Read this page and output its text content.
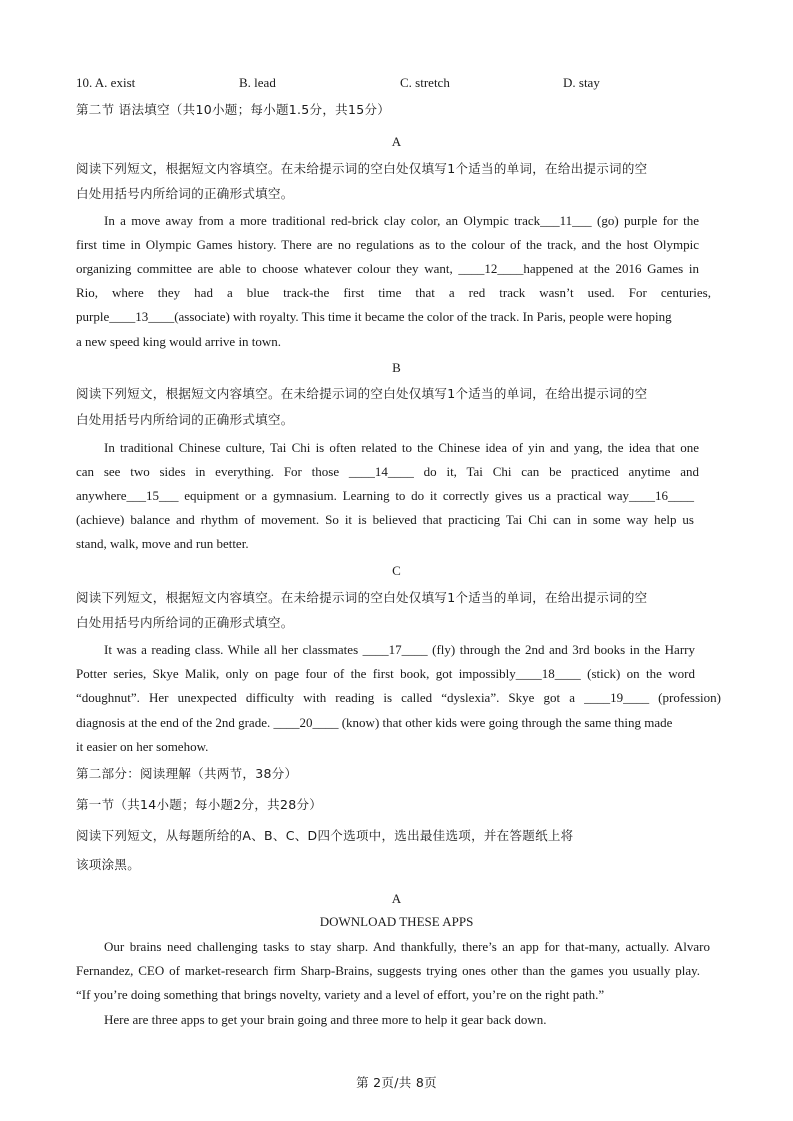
10. A. exist	B. lead	C. stretch	D. stay
第二节 语法填空（共10小题；每小题1.5分，共15分）
A
阅读下列短文，根据短文内容填空。在未给提示词的空白处仅填写1个适当的单词，在给出提示词的空
白处用括号内所给词的正确形式填空。
In a move away from a more traditional red-brick clay color, an Olympic track___11___ (go) purple for the
first time in Olympic Games history. There are no regulations as to the colour of the track, and the host Olympic
organizing committee are able to choose whatever colour they want, ____12____happened at the 2016 Games in
Rio, where they had a blue track-the first time that a red track wasn’t used. For centuries,
purple____13____(associate) with royalty. This time it became the color of the track. In Paris, people were hoping
a new speed king would arrive in town.
B
阅读下列短文，根据短文内容填空。在未给提示词的空白处仅填写1个适当的单词，在给出提示词的空
白处用括号内所给词的正确形式填空。
In traditional Chinese culture, Tai Chi is often related to the Chinese idea of yin and yang, the idea that one
can see two sides in everything. For those ____14____ do it, Tai Chi can be practiced anytime and
anywhere___15___ equipment or a gymnasium. Learning to do it correctly gives us a practical way____16____
(achieve) balance and rhythm of movement. So it is believed that practicing Tai Chi can in some way help us
stand, walk, move and run better.
C
阅读下列短文，根据短文内容填空。在未给提示词的空白处仅填写1个适当的单词，在给出提示词的空
白处用括号内所给词的正确形式填空。
It was a reading class. While all her classmates ____17____ (fly) through the 2nd and 3rd books in the Harry
Potter series, Skye Malik, only on page four of the first book, got impossibly____18____ (stick) on the word
“doughnut”. Her unexpected difficulty with reading is called “dyslexia”. Skye got a ____19____ (profession)
diagnosis at the end of the 2nd grade. ____20____ (know) that other kids were going through the same thing made
it easier on her somehow.
第二部分：阅读理解（共两节，38分）
第一节（共14小题；每小题2分，共28分）
阅读下列短文，从每题所给的A、B、C、D四个选项中，选出最佳选项，并在答题纸上将
该项涂黑。
A
DOWNLOAD THESE APPS
Our brains need challenging tasks to stay sharp. And thankfully, there’s an app for that-many, actually. Alvaro
Fernandez, CEO of market-research firm Sharp-Brains, suggests trying ones other than the games you usually play.
“If you’re doing something that brings novelty, variety and a level of effort, you’re on the right path.”
Here are three apps to get your brain going and three more to help it gear back down.
第 2页/共 8页
